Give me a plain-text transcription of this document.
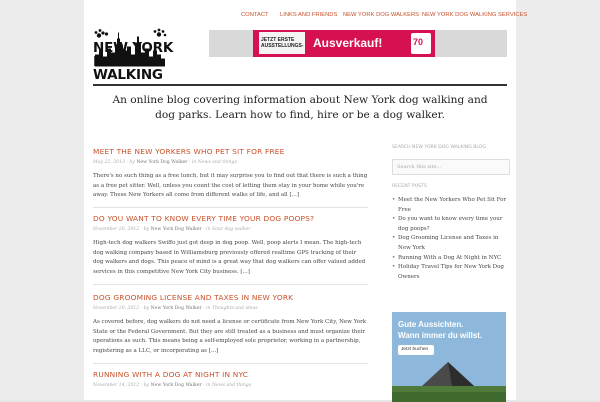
NEW YORK
DOG
WALKING
CONTACT LINKS AND FRIENDS NEW YORK DOG WALKERS NEW YORK DOG WALKING SERVICES
JETZT ERSTE
AUSSTELLUNGS- Ausverkauf!	70
An online blog covering information about New York dog walking and dog parks. Learn how to find, hire or be a dog walker.
MEET THE NEW YORKERS WHO PET SIT FOR FREE
May 22, 2013 · by New York Dog Walker · in News and things
There's no such thing as a free lunch, but it may surprise you to find out that there is such a thing as a free pet sitter. Well, unless you count the cost of letting them stay in your home while you're away. These New Yorkers all come from different walks of life, and all [...]
DO YOU WANT TO KNOW EVERY TIME YOUR DOG POOPS?
November 20, 2012 · by New York Dog Walker · in Sour dog walker
High-tech dog walkers Swiffo just got deep in dog poop. Well, poop alerts I mean. The high-tech dog walking company based in Williamsburg previously offered realtime GPS tracking of their dog walkers and dogs. This peace of mind is a great way that dog walkers can offer valued added services in this competitive New York City business. [...]
DOG GROOMING LICENSE AND TAXES IN NEW YORK
November 20, 2012 · by New York Dog Walker · in Thoughts and ideas
As covered before, dog walkers do not need a license or certificate from New York City, New York State or the Federal Government. But they are still treated as a business and must organize their operations as such. This means being a self-employed sole proprietor, working in a partnership, registering as a LLC, or incorporating as [...]
RUNNING WITH A DOG AT NIGHT IN NYC
November 14, 2012 · by New York Dog Walker · in News and things
SEARCH NEW YORK DOG WALKING BLOG
Search this site...
RECENT POSTS
• Meet the New Yorkers Who Pet Sit For Free
• Do you want to know every time your dog poops?
• Dog Grooming License and Taxes in New York
• Running With a Dog At Night in NYC
• Holiday Travel Tips for New York Dog Owners
Gute Aussichten.
Wann immer du willst.
Jetzt buchen
